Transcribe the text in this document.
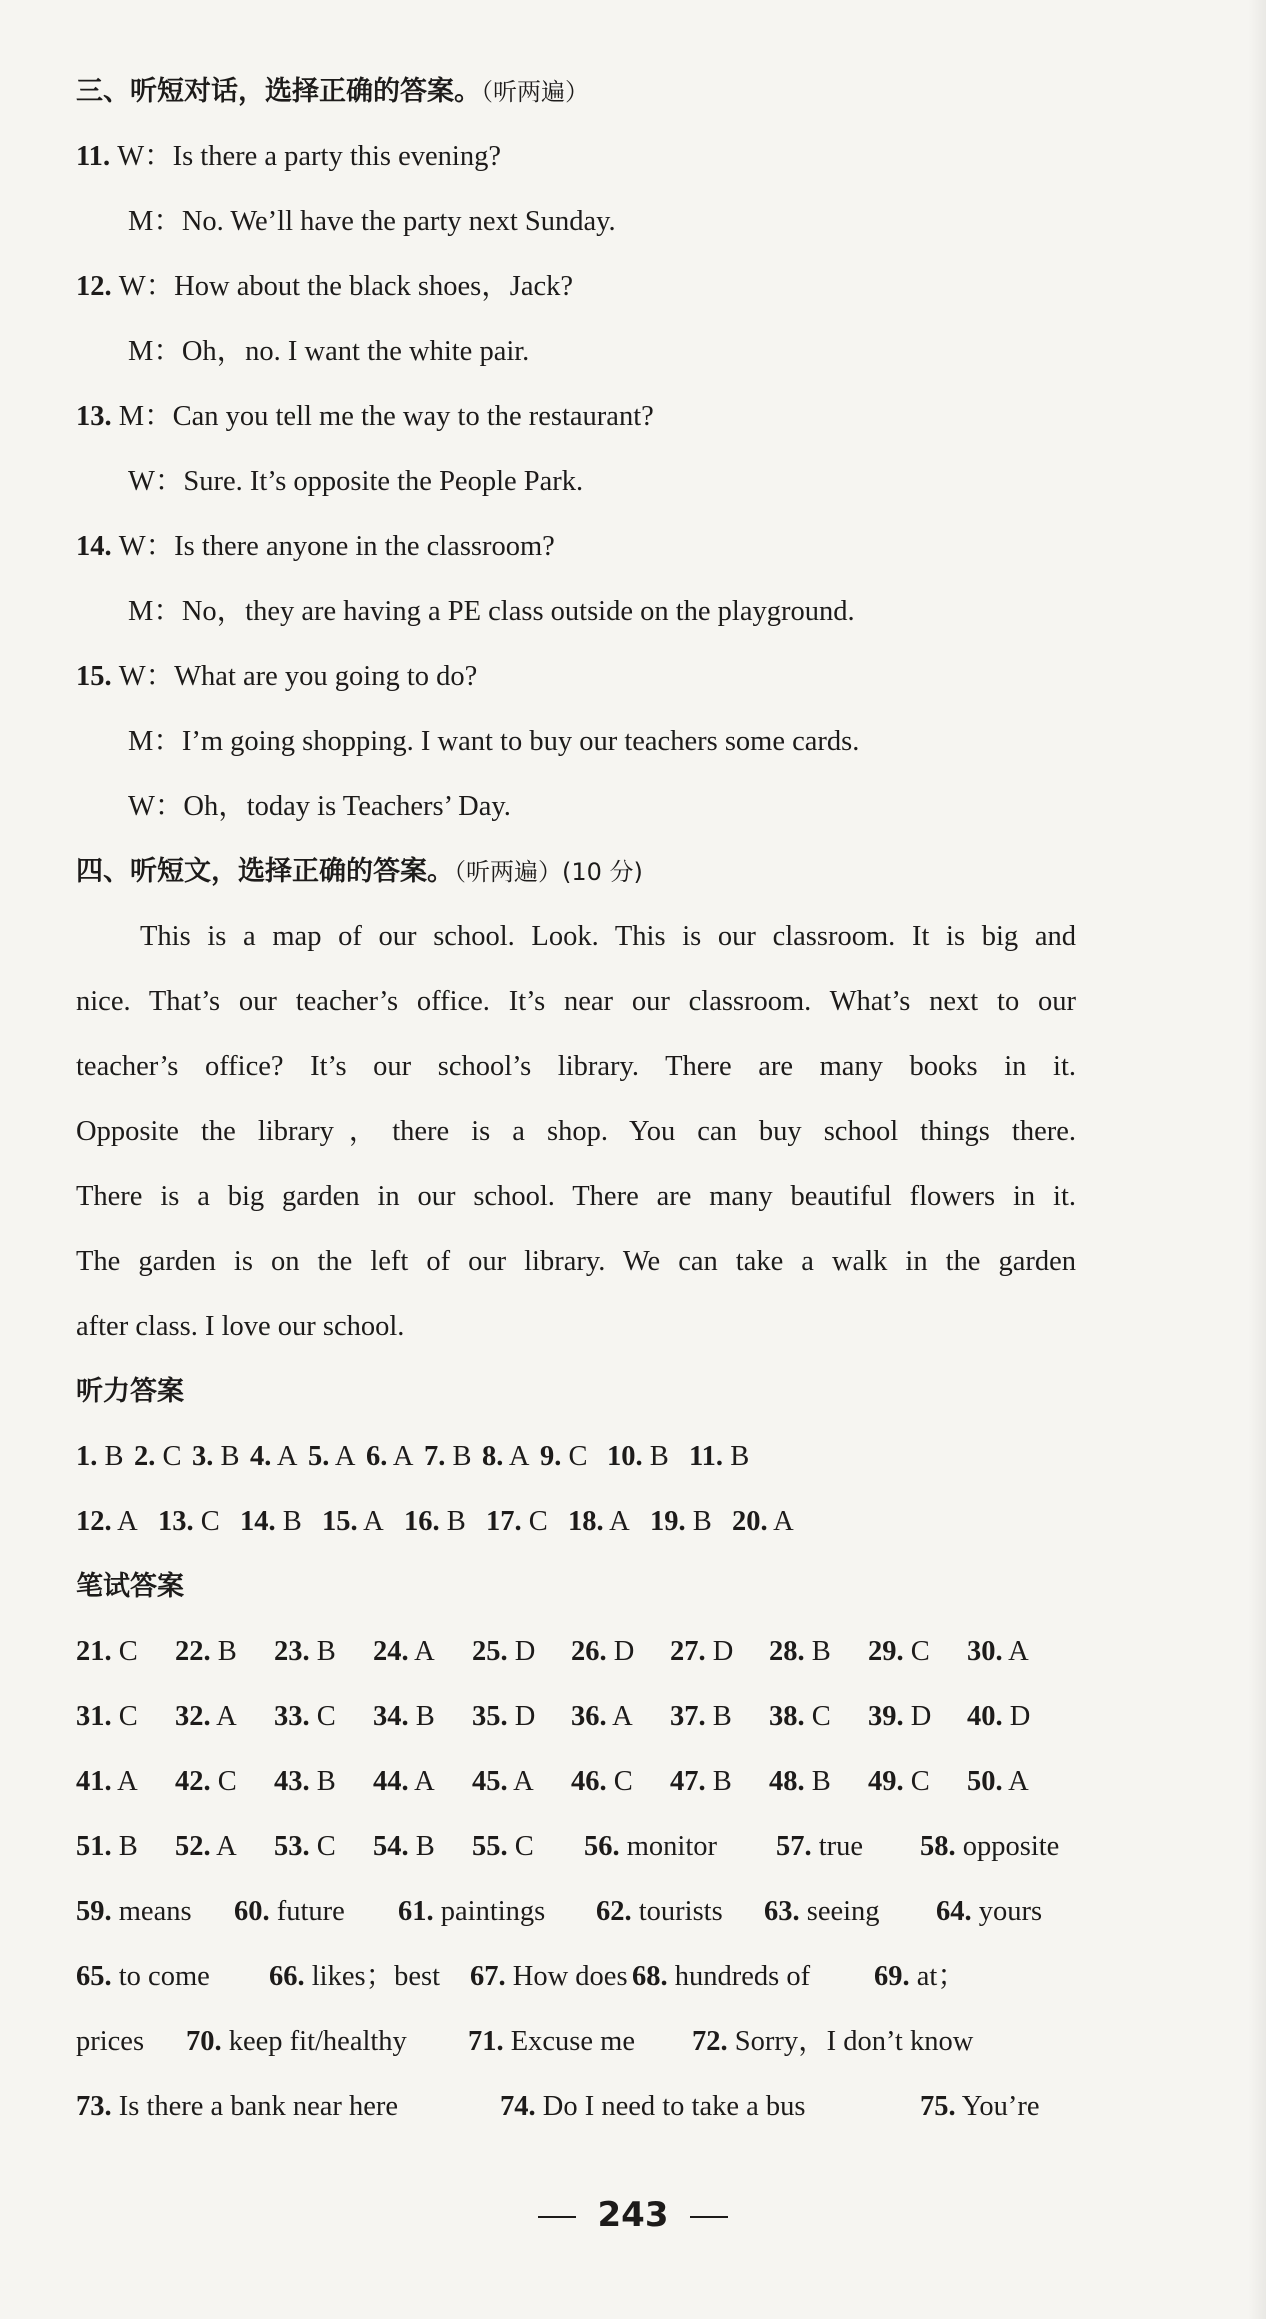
三、听短对话，选择正确的答案。（听两遍）
11. W：Is there a party this evening?
M：No. We’ll have the party next Sunday.
12. W：How about the black shoes，Jack?
M：Oh，no. I want the white pair.
13. M：Can you tell me the way to the restaurant?
W：Sure. It’s opposite the People Park.
14. W：Is there anyone in the classroom?
M：No，they are having a PE class outside on the playground.
15. W：What are you going to do?
M：I’m going shopping. I want to buy our teachers some cards.
W：Oh，today is Teachers’ Day.
四、听短文，选择正确的答案。（听两遍）(10 分)
This is a map of our school. Look. This is our classroom. It is big and
nice. That’s our teacher’s office. It’s near our classroom. What’s next to our
teacher’s office? It’s our school’s library. There are many books in it.
Opposite the library，there is a shop. You can buy school things there.
There is a big garden in our school. There are many beautiful flowers in it.
The garden is on the left of our library. We can take a walk in the garden
after class. I love our school.
听力答案
1. B 2. C 3. B 4. A 5. A 6. A 7. B 8. A 9. C 10. B 11. B
12. A 13. C 14. B 15. A 16. B 17. C 18. A 19. B 20. A
笔试答案
21. C 22. B 23. B 24. A 25. D 26. D 27. D 28. B 29. C 30. A
31. C 32. A 33. C 34. B 35. D 36. A 37. B 38. C 39. D 40. D
41. A 42. C 43. B 44. A 45. A 46. C 47. B 48. B 49. C 50. A
51. B 52. A 53. C 54. B 55. C 56. monitor 57. true 58. opposite
59. means 60. future 61. paintings 62. tourists 63. seeing 64. yours
65. to come 66. likes；best 67. How does 68. hundreds of 69. at；
prices 70. keep fit/healthy 71. Excuse me 72. Sorry，I don’t know
73. Is there a bank near here	74. Do I need to take a bus	75. You’re
243
